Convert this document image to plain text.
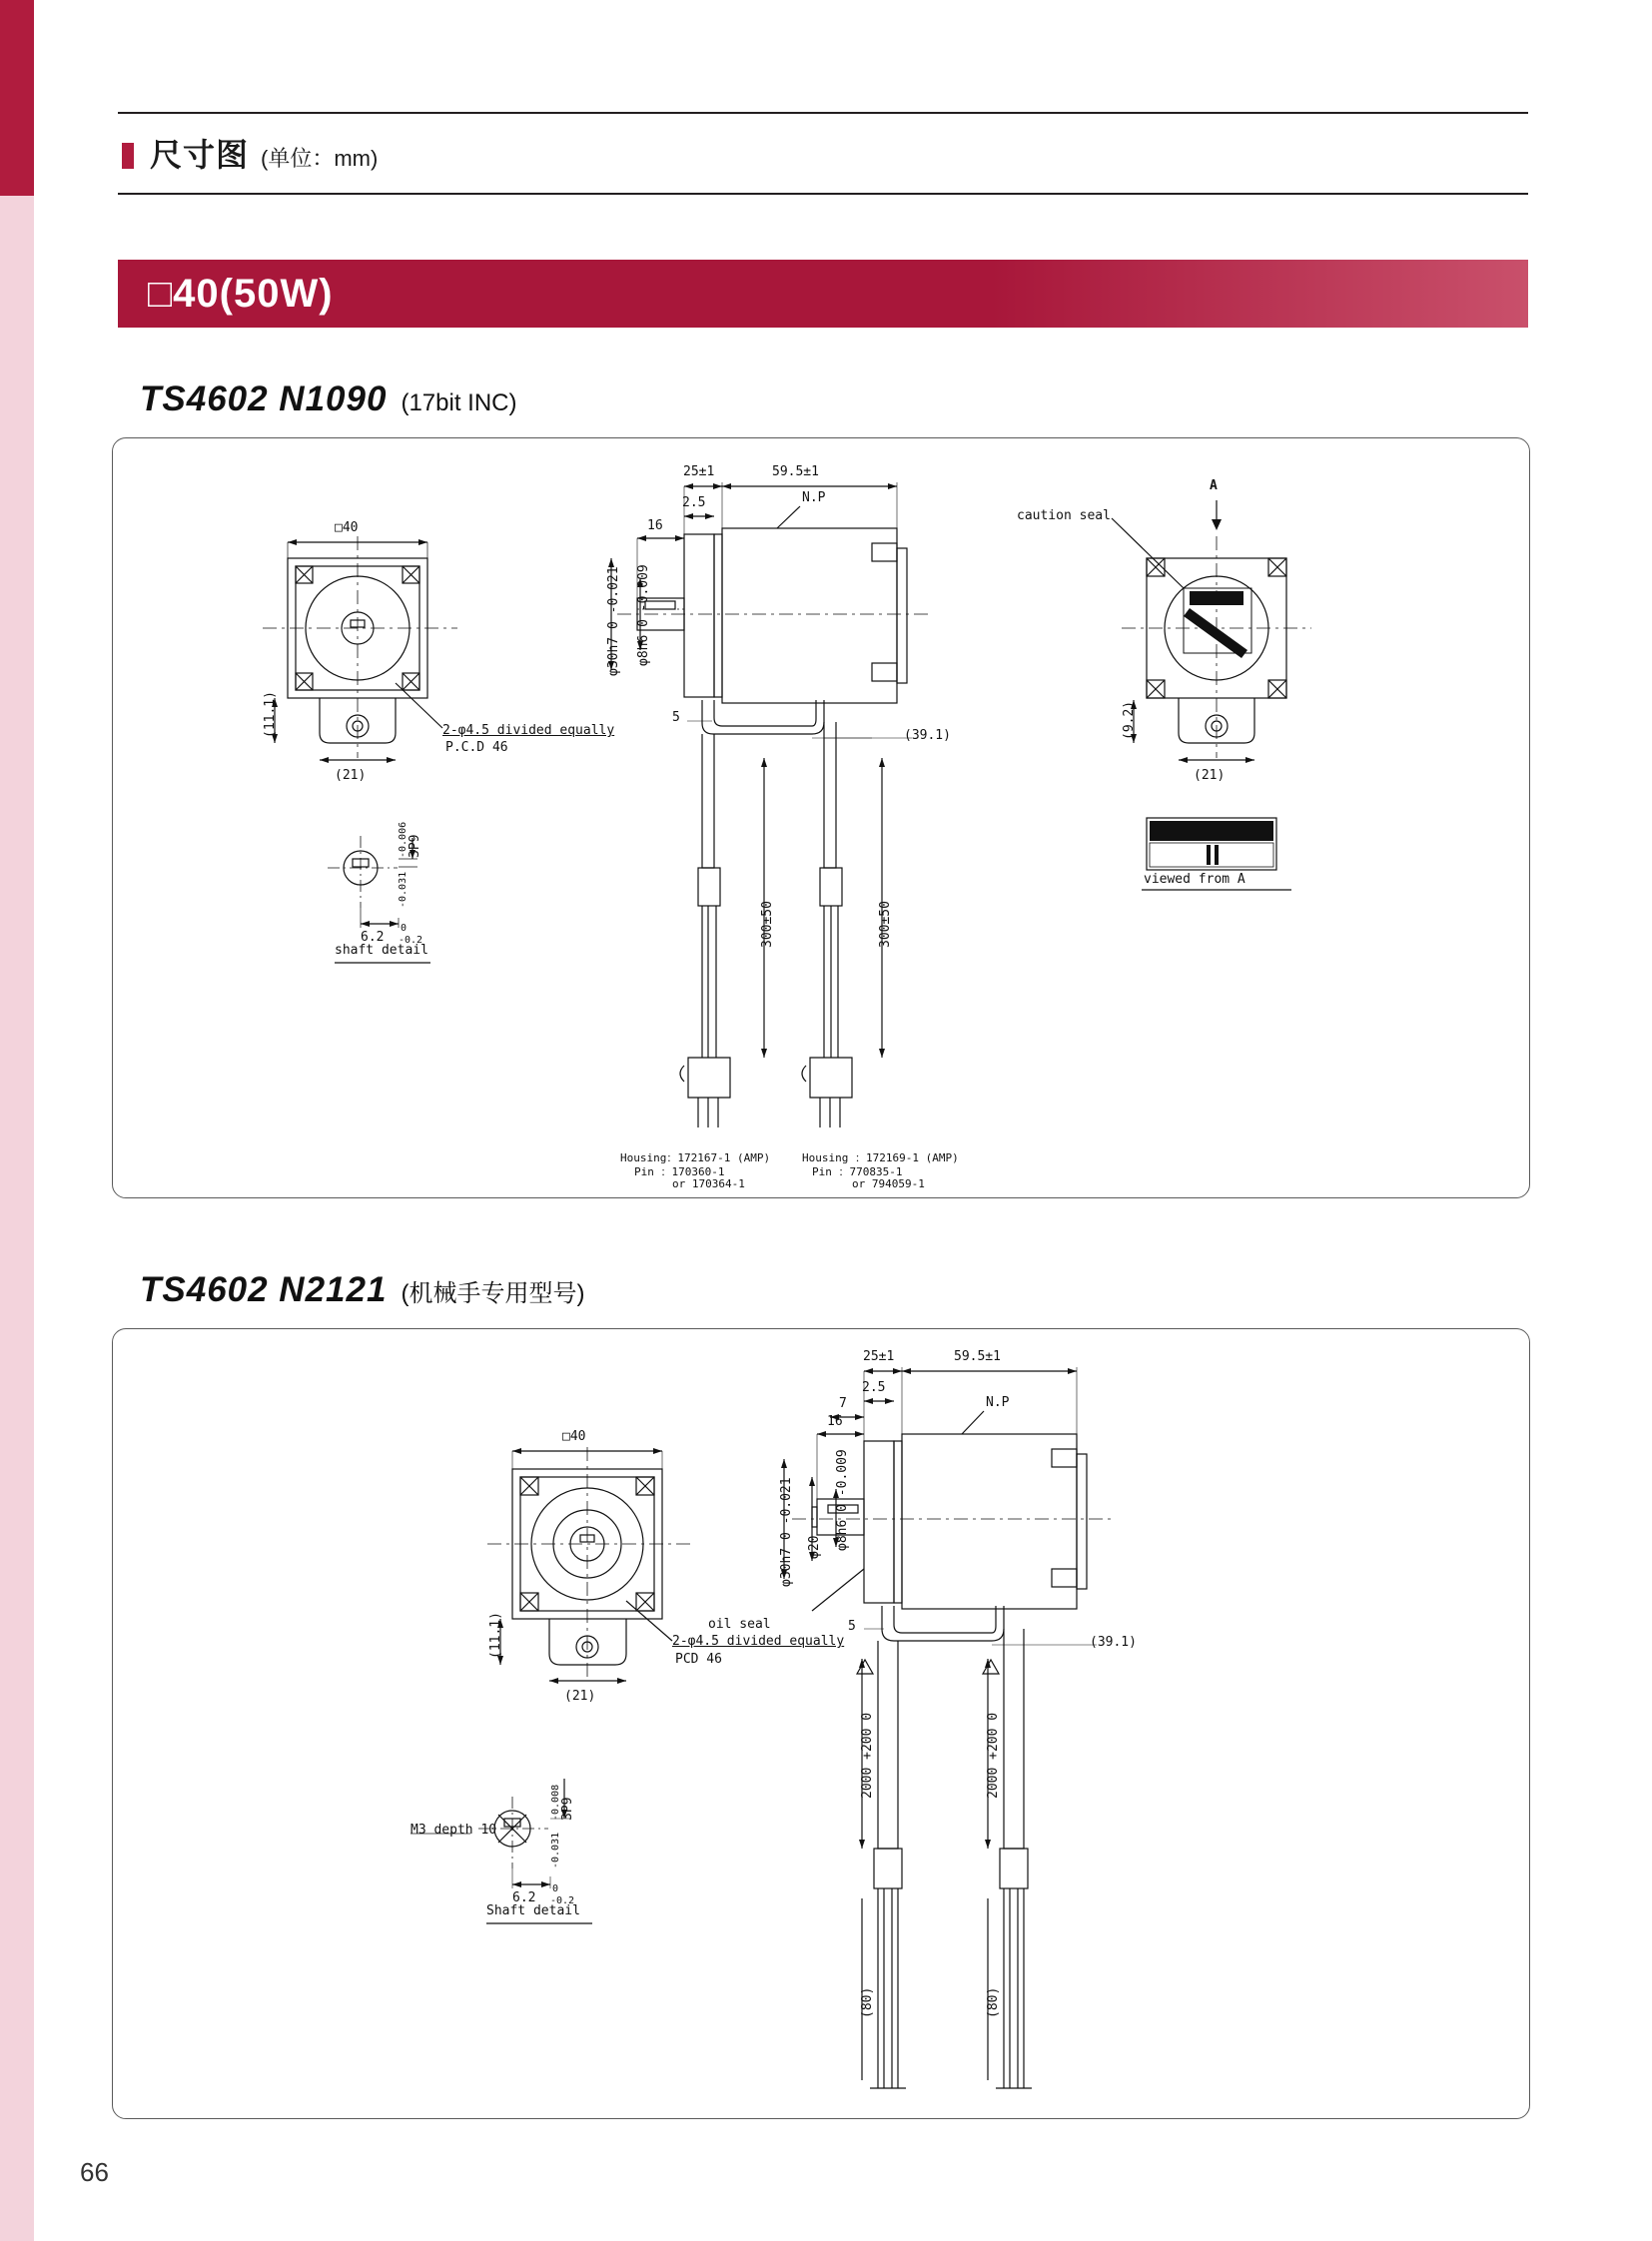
尺寸图 (单位：mm)
□40(50W)
66
TS4602 N1090 (17bit INC)
□40
(11.1)
(21)
2-φ4.5 divided equally
P.C.D 46
3P9
-0.006
-0.031
6.2
0
-0.2
shaft detail
25±1	59.5±1
2.5
16
N.P
φ30h7 0 -0.021 φ8h6 0 -0.009
5
(39.1)
300±50	300±50
Housing：172167-1 (AMP)
Pin ：170360-1
or 170364-1
Housing ：172169-1 (AMP)
Pin ：770835-1
or 794059-1
A
caution seal
(9.2)
(21)
viewed from A
TS4602 N2121 (机械手专用型号)
□40
(11.1)
(21)
2-φ4.5 divided equally
PCD 46
3P9
-0.008
-0.031
M3 depth 10
6.2
0
-0.2
Shaft detail
25±1	59.5±1
2.5
7
16
N.P
φ30h7 0 -0.021	φ8h6 0 -0.009
φ20
oil seal	5
(39.1)
2000 +200 0	2000 +200 0
(80)	(80)
